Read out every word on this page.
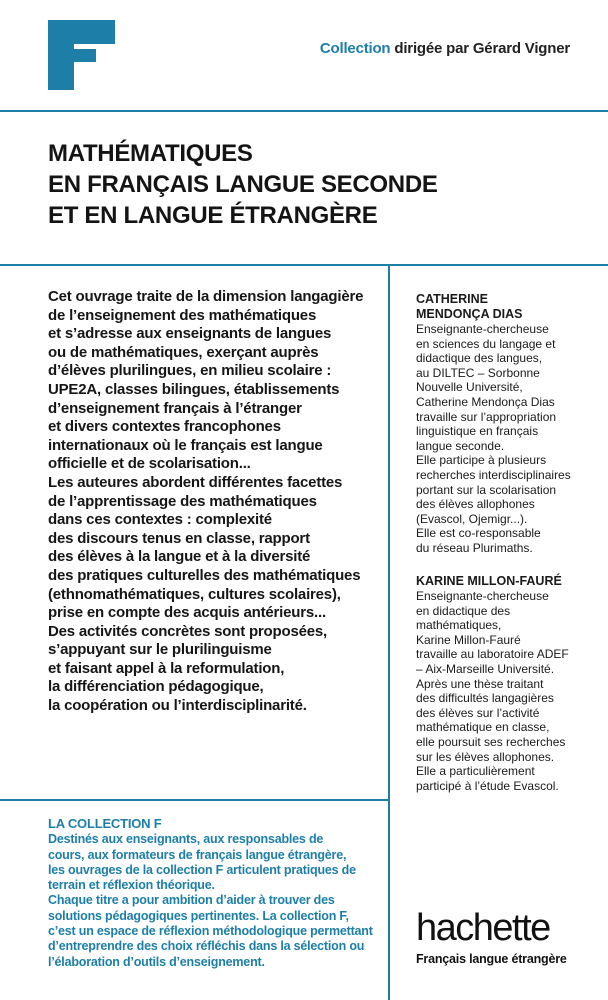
Collection dirigée par Gérard Vigner
MATHÉMATIQUES
EN FRANÇAIS LANGUE SECONDE
ET EN LANGUE ÉTRANGÈRE
Cet ouvrage traite de la dimension langagière
de l’enseignement des mathématiques
et s’adresse aux enseignants de langues
ou de mathématiques, exerçant auprès
d’élèves plurilingues, en milieu scolaire :
UPE2A, classes bilingues, établissements
d’enseignement français à l’étranger
et divers contextes francophones
internationaux où le français est langue
officielle et de scolarisation...
Les auteures abordent différentes facettes
de l’apprentissage des mathématiques
dans ces contextes : complexité
des discours tenus en classe, rapport
des élèves à la langue et à la diversité
des pratiques culturelles des mathématiques
(ethnomathématiques, cultures scolaires),
prise en compte des acquis antérieurs...
Des activités concrètes sont proposées,
s’appuyant sur le plurilinguisme
et faisant appel à la reformulation,
la différenciation pédagogique,
la coopération ou l’interdisciplinarité.
CATHERINE
MENDONÇA DIAS
Enseignante-chercheuse
en sciences du langage et
didactique des langues,
au DILTEC – Sorbonne
Nouvelle Université,
Catherine Mendonça Dias
travaille sur l’appropriation
linguistique en français
langue seconde.
Elle participe à plusieurs
recherches interdisciplinaires
portant sur la scolarisation
des élèves allophones
(Evascol, Ojemigr...).
Elle est co-responsable
du réseau Plurimaths.
KARINE MILLON-FAURÉ
Enseignante-chercheuse
en didactique des
mathématiques,
Karine Millon-Fauré
travaille au laboratoire ADEF
– Aix-Marseille Université.
Après une thèse traitant
des difficultés langagières
des élèves sur l’activité
mathématique en classe,
elle poursuit ses recherches
sur les élèves allophones.
Elle a particulièrement
participé à l’étude Evascol.
LA COLLECTION F
Destinés aux enseignants, aux responsables de
cours, aux formateurs de français langue étrangère,
les ouvrages de la collection F articulent pratiques de
terrain et réflexion théorique.
Chaque titre a pour ambition d’aider à trouver des
solutions pédagogiques pertinentes. La collection F,
c’est un espace de réflexion méthodologique permettant
d’entreprendre des choix réfléchis dans la sélection ou
l’élaboration d’outils d’enseignement.
hachette
Français langue étrangère
